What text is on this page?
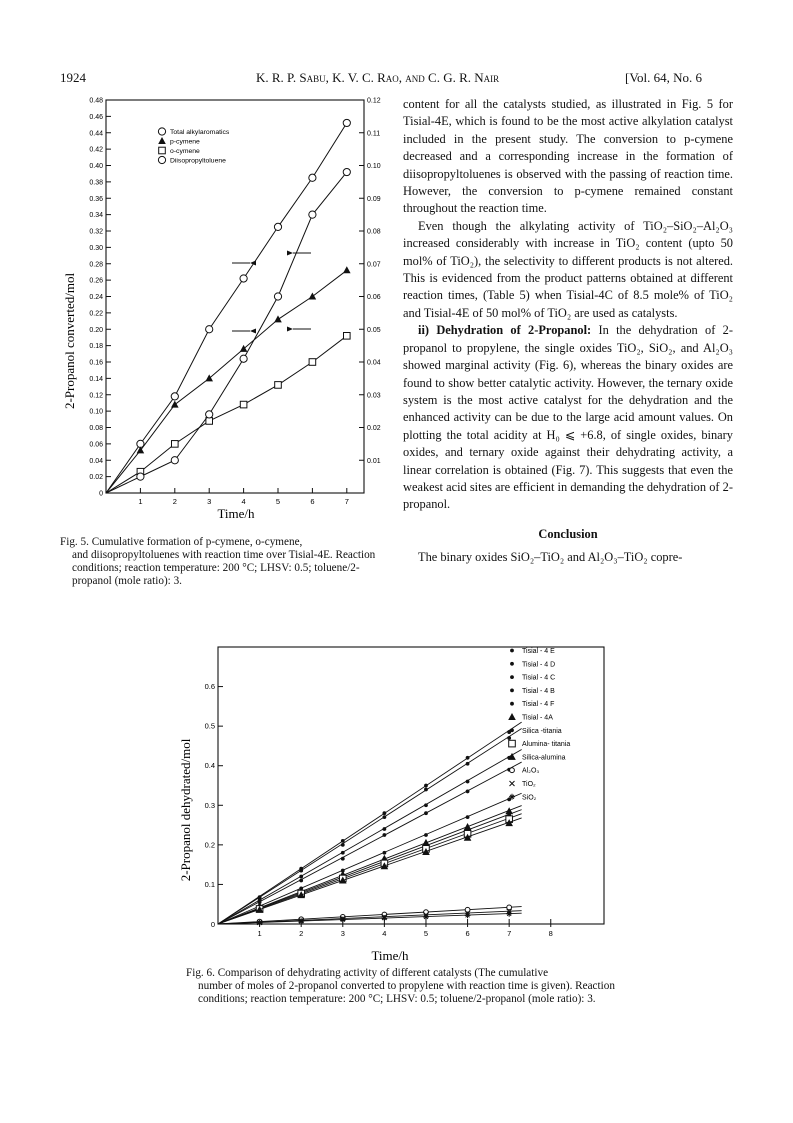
1924	K. R. P. Sabu, K. V. C. Rao, and C. G. R. Nair	[Vol. 64, No. 6
0.48
0.46
0.44
0.42
0.40
0.38
0.36
0.34
0.32
0.30
0.28
0.26
0.24
0.22
0.20
0.18
0.16
0.14
0.12
0.10
0.08
0.06
0.04
0.02
0
0.12
0.11
0.10
0.09
0.08
0.07
0.06
0.05
0.04
0.03
0.02
0.01
1	2	3	4	5	6	7
Total alkylaromatics
p-cymene
o-cymene
Diisopropyltoluene
Time/h
2-Propanol converted/mol
Fig. 5. Cumulative formation of p-cymene, o-cymene,
and diisopropyltoluenes with reaction time over Tisial-4E. Reaction conditions; reaction temperature: 200 °C; LHSV: 0.5; toluene/2-propanol (mole ratio): 3.

content for all the catalysts studied, as illustrated in Fig. 5 for Tisial-4E, which is found to be the most active alkylation catalyst included in the present study. The conversion to p-cymene decreased and a corresponding increase in the formation of diisopropyltoluenes is observed with the passing of reaction time. However, the conversion to p-cymene remained constant throughout the reaction time.

Even though the alkylating activity of TiO₂–SiO₂–Al₂O₃ increased considerably with increase in TiO₂ content (upto 50 mol% of TiO₂), the selectivity to different products is not altered. This is evidenced from the product patterns obtained at different reaction times, (Table 5) when Tisial-4C of 8.5 mole% of TiO₂ and Tisial-4E of 50 mol% of TiO₂ are used as catalysts.

ii) Dehydration of 2-Propanol: In the dehydration of 2-propanol to propylene, the single oxides TiO₂, SiO₂, and Al₂O₃ showed marginal activity (Fig. 6), whereas the binary oxides are found to show better catalytic activity. However, the ternary oxide system is the most active catalyst for the dehydration and the enhanced activity can be due to the large acid amount values. On plotting the total acidity at H₀ ⩽ +6.8, of single oxides, binary oxides, and ternary oxide against their dehydrating activity, a linear correlation is obtained (Fig. 7). This suggests that even the weakest acid sites are efficient in demanding the dehydration of 2-propanol.

Conclusion

The binary oxides SiO₂–TiO₂ and Al₂O₃–TiO₂ copre-

0
0.1
0.2
0.3
0.4
0.5
0.6
1	2	3	4	5	6	7	8
Tisial - 4 E
Tisial - 4 D
Tisial - 4 C
Tisial - 4 B
Tisial - 4 F
Tisial - 4A
Silica -titania
Alumina- titania
Silica-alumina
Al₂O₃
TiO₂
SiO₂
Time/h
2-Propanol dehydrated/mol
Fig. 6. Comparison of dehydrating activity of different catalysts (The cumulative
number of moles of 2-propanol converted to propylene with reaction time is given). Reaction conditions; reaction temperature: 200 °C; LHSV: 0.5; toluene/2-propanol (mole ratio): 3.
